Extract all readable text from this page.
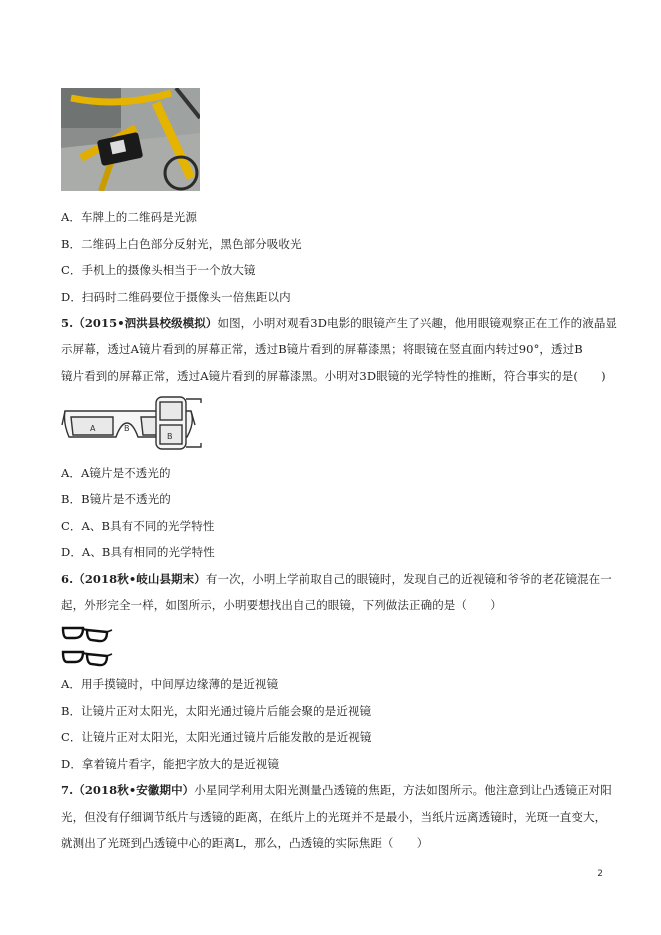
A．车牌上的二维码是光源
B．二维码上白色部分反射光，黑色部分吸收光
C．手机上的摄像头相当于一个放大镜
D．扫码时二维码要位于摄像头一倍焦距以内
5.（2015•泗洪县校级模拟）如图，小明对观看3D电影的眼镜产生了兴趣，他用眼镜观察正在工作的液晶显
示屏幕，透过A镜片看到的屏幕正常，透过B镜片看到的屏幕漆黑；将眼镜在竖直面内转过90°，透过B
镜片看到的屏幕正常，透过A镜片看到的屏幕漆黑。小明对3D眼镜的光学特性的推断，符合事实的是(　　)
A	B
B
A．A镜片是不透光的
B．B镜片是不透光的
C．A、B具有不同的光学特性
D．A、B具有相同的光学特性
6.（2018秋•岐山县期末）有一次，小明上学前取自己的眼镜时，发现自己的近视镜和爷爷的老花镜混在一
起，外形完全一样，如图所示，小明要想找出自己的眼镜，下列做法正确的是（　　）
A．用手摸镜时，中间厚边缘薄的是近视镜
B．让镜片正对太阳光，太阳光通过镜片后能会聚的是近视镜
C．让镜片正对太阳光，太阳光通过镜片后能发散的是近视镜
D．拿着镜片看字，能把字放大的是近视镜
7.（2018秋•安徽期中）小星同学利用太阳光测量凸透镜的焦距，方法如图所示。他注意到让凸透镜正对阳
光，但没有仔细调节纸片与透镜的距离，在纸片上的光斑并不是最小，当纸片远离透镜时，光斑一直变大，
就测出了光斑到凸透镜中心的距离L，那么，凸透镜的实际焦距（　　）
2
